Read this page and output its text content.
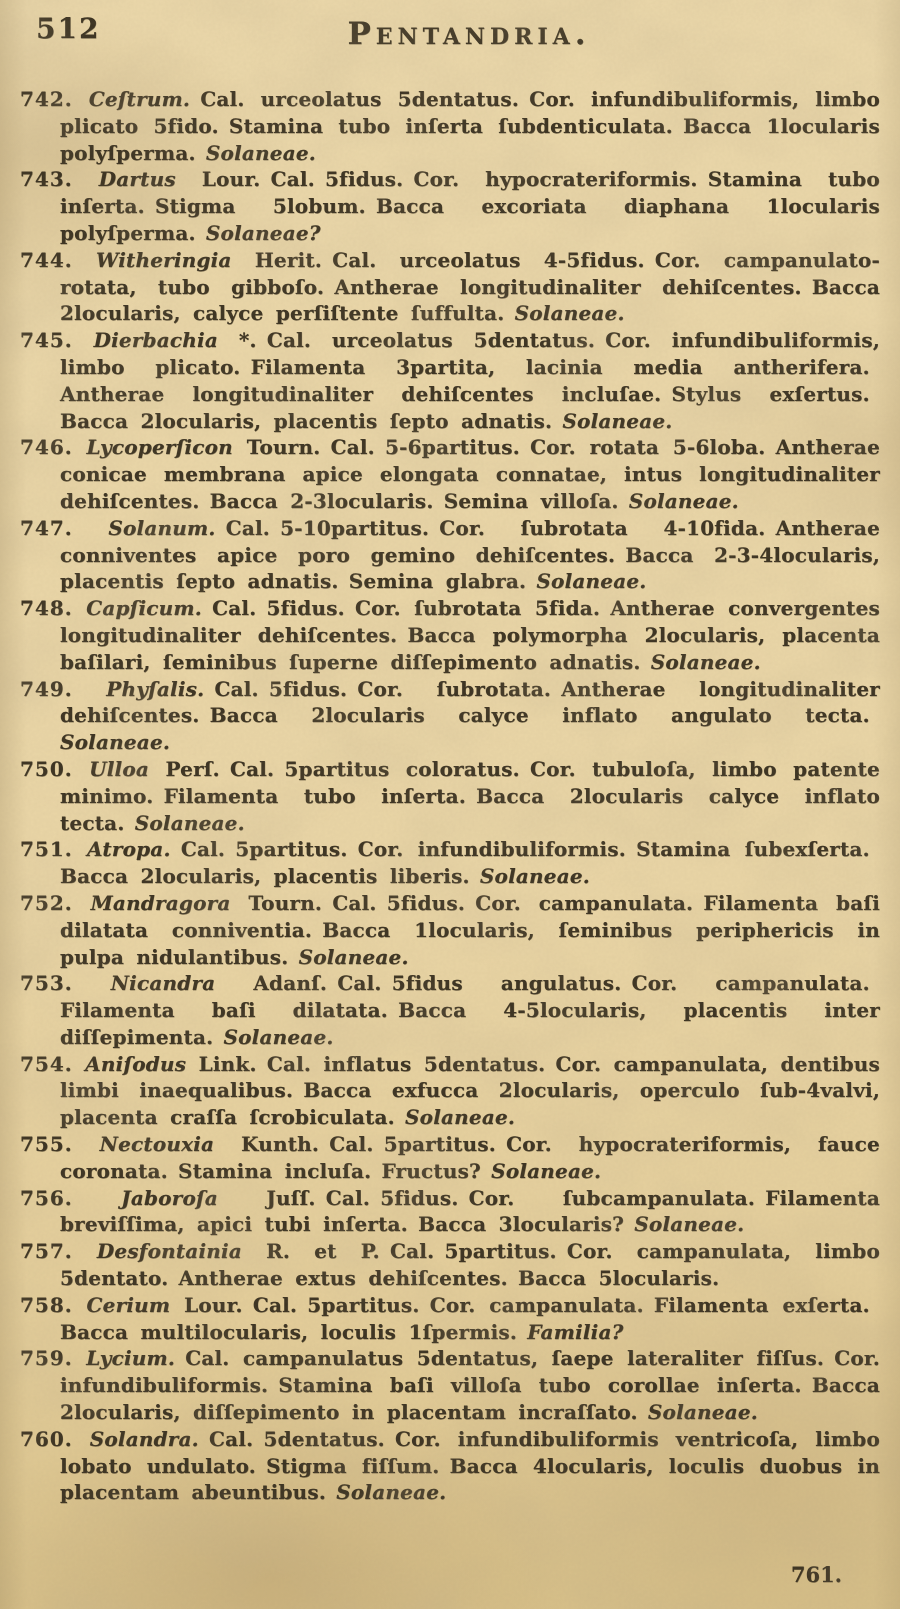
512	Pentandria.

742. Ceſtrum.  Cal. urceolatus 5dentatus. Cor. infundibuliformis, limbo plicato 5fido. Stamina tubo inſerta ſubdenticulata. Bacca 1locularis polyſperma.  Solaneae.

743. Dartus Lour.  Cal. 5fidus. Cor. hypocrateriformis. Stamina tubo inſerta. Stigma 5lobum. Bacca excoriata diaphana 1locularis polyſperma.  Solaneae?

744. Witheringia Herit.  Cal. urceolatus 4-5fidus. Cor. campanulato-rotata, tubo gibboſo. Antherae longitudinaliter dehiſcentes. Bacca 2locularis, calyce perſiſtente ſuffulta.  Solaneae.

745. Dierbachia *.  Cal. urceolatus 5dentatus. Cor. infundibuliformis, limbo plicato. Filamenta 3partita, lacinia media antherifera. Antherae longitudinaliter dehiſcentes incluſae. Stylus exſertus. Bacca 2locularis, placentis ſepto adnatis.  Solaneae.

746. Lycoperſicon Tourn.  Cal. 5-6partitus. Cor. rotata 5-6loba. Antherae conicae membrana apice elongata connatae, intus longitudinaliter dehiſcentes. Bacca 2-3locularis. Semina villoſa.  Solaneae.

747. Solanum.  Cal. 5-10partitus. Cor. ſubrotata 4-10fida. Antherae conniventes apice poro gemino dehiſcentes. Bacca 2-3-4locularis, placentis ſepto adnatis. Semina glabra.  Solaneae.

748. Capſicum.  Cal. 5fidus. Cor. ſubrotata 5fida. Antherae convergentes longitudinaliter dehiſcentes. Bacca polymorpha 2locularis, placenta baſilari, ſeminibus ſuperne diſſepimento adnatis.  Solaneae.

749. Phyſalis.  Cal. 5fidus. Cor. ſubrotata. Antherae longitudinaliter dehiſcentes. Bacca 2locularis calyce inflato angulato tecta. Solaneae.

750. Ulloa Perſ.  Cal. 5partitus coloratus. Cor. tubuloſa, limbo patente minimo. Filamenta tubo inſerta. Bacca 2locularis calyce inflato tecta.  Solaneae.

751. Atropa.  Cal. 5partitus. Cor. infundibuliformis. Stamina ſubexſerta. Bacca 2locularis, placentis liberis.  Solaneae.

752. Mandragora Tourn.  Cal. 5fidus. Cor. campanulata. Filamenta baſi dilatata conniventia. Bacca 1locularis, ſeminibus periphericis in pulpa nidulantibus.  Solaneae.

753. Nicandra Adanſ.  Cal. 5fidus angulatus. Cor. campanulata. Filamenta baſi dilatata. Bacca 4-5locularis, placentis inter diſſepimenta.  Solaneae.

754. Aniſodus Link.  Cal. inflatus 5dentatus. Cor. campanulata, dentibus limbi inaequalibus. Bacca exfucca 2locularis, operculo ſub-4valvi, placenta craſſa ſcrobiculata.  Solaneae.

755. Nectouxia Kunth.  Cal. 5partitus. Cor. hypocrateriformis, fauce coronata. Stamina incluſa. Fructus?  Solaneae.

756. Jaboroſa Juſſ.  Cal. 5fidus. Cor. ſubcampanulata. Filamenta breviſſima, apici tubi inſerta. Bacca 3locularis?  Solaneae.

757. Desfontainia R. et P.  Cal. 5partitus. Cor. campanulata, limbo 5dentato. Antherae extus dehiſcentes. Bacca 5locularis.

758. Cerium Lour.  Cal. 5partitus. Cor. campanulata. Filamenta exſerta. Bacca multilocularis, loculis 1ſpermis.  Familia?

759. Lycium.  Cal. campanulatus 5dentatus, ſaepe lateraliter fiſſus. Cor. infundibuliformis. Stamina baſi villoſa tubo corollae inſerta. Bacca 2locularis, diſſepimento in placentam incraſſato.  Solaneae.

760. Solandra.  Cal. 5dentatus. Cor. infundibuliformis ventricoſa, limbo lobato undulato. Stigma fiſſum. Bacca 4locularis, loculis duobus in placentam abeuntibus.  Solaneae.

761.
